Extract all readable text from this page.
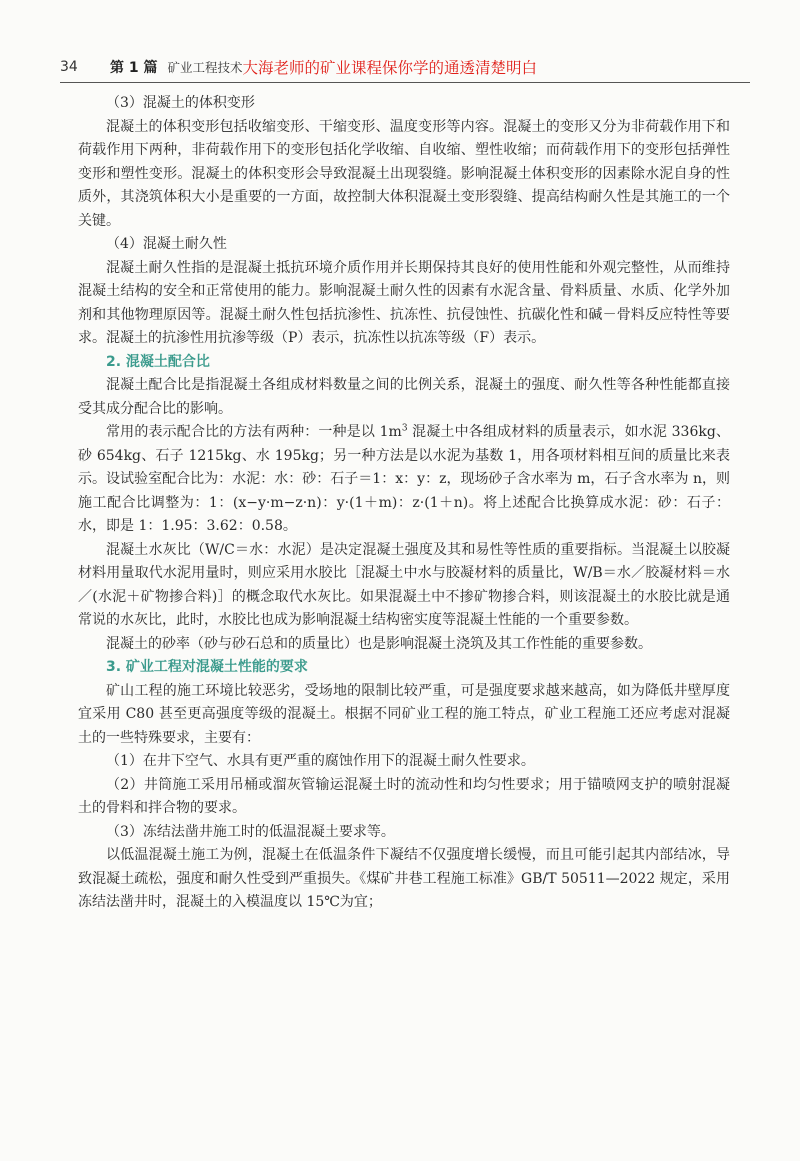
34	第 1 篇 矿业工程技术 大海老师的矿业课程保你学的通透清楚明白

（3）混凝土的体积变形

混凝土的体积变形包括收缩变形、干缩变形、温度变形等内容。混凝土的变形又分为非荷载作用下和荷载作用下两种，非荷载作用下的变形包括化学收缩、自收缩、塑性收缩；而荷载作用下的变形包括弹性变形和塑性变形。混凝土的体积变形会导致混凝土出现裂缝。影响混凝土体积变形的因素除水泥自身的性质外，其浇筑体积大小是重要的一方面，故控制大体积混凝土变形裂缝、提高结构耐久性是其施工的一个关键。

（4）混凝土耐久性

混凝土耐久性指的是混凝土抵抗环境介质作用并长期保持其良好的使用性能和外观完整性，从而维持混凝土结构的安全和正常使用的能力。影响混凝土耐久性的因素有水泥含量、骨料质量、水质、化学外加剂和其他物理原因等。混凝土耐久性包括抗渗性、抗冻性、抗侵蚀性、抗碳化性和碱－骨料反应特性等要求。混凝土的抗渗性用抗渗等级（P）表示，抗冻性以抗冻等级（F）表示。

2. 混凝土配合比

混凝土配合比是指混凝土各组成材料数量之间的比例关系，混凝土的强度、耐久性等各种性能都直接受其成分配合比的影响。

常用的表示配合比的方法有两种：一种是以 $1m^3$ 混凝土中各组成材料的质量表示，如水泥 336kg、砂 654kg、石子 1215kg、水 195kg；另一种方法是以水泥为基数 1，用各项材料相互间的质量比来表示。设试验室配合比为：水泥：水：砂：石子＝1：x：y：z，现场砂子含水率为 m，石子含水率为 n，则施工配合比调整为：1：(x−y·m−z·n)：y·(1＋m)：z·(1＋n)。将上述配合比换算成水泥：砂：石子：水，即是 1：1.95：3.62：0.58。

混凝土水灰比（W/C＝水：水泥）是决定混凝土强度及其和易性等性质的重要指标。当混凝土以胶凝材料用量取代水泥用量时，则应采用水胶比［混凝土中水与胶凝材料的质量比，W/B＝水／胶凝材料＝水／(水泥＋矿物掺合料)］的概念取代水灰比。如果混凝土中不掺矿物掺合料，则该混凝土的水胶比就是通常说的水灰比，此时，水胶比也成为影响混凝土结构密实度等混凝土性能的一个重要参数。

混凝土的砂率（砂与砂石总和的质量比）也是影响混凝土浇筑及其工作性能的重要参数。

3. 矿业工程对混凝土性能的要求

矿山工程的施工环境比较恶劣，受场地的限制比较严重，可是强度要求越来越高，如为降低井壁厚度宜采用 C80 甚至更高强度等级的混凝土。根据不同矿业工程的施工特点，矿业工程施工还应考虑对混凝土的一些特殊要求，主要有：

（1）在井下空气、水具有更严重的腐蚀作用下的混凝土耐久性要求。

（2）井筒施工采用吊桶或溜灰管输运混凝土时的流动性和均匀性要求；用于锚喷网支护的喷射混凝土的骨料和拌合物的要求。

（3）冻结法凿井施工时的低温混凝土要求等。

以低温混凝土施工为例，混凝土在低温条件下凝结不仅强度增长缓慢，而且可能引起其内部结冰，导致混凝土疏松，强度和耐久性受到严重损失。《煤矿井巷工程施工标准》GB/T 50511—2022 规定，采用冻结法凿井时，混凝土的入模温度以 15℃为宜；
